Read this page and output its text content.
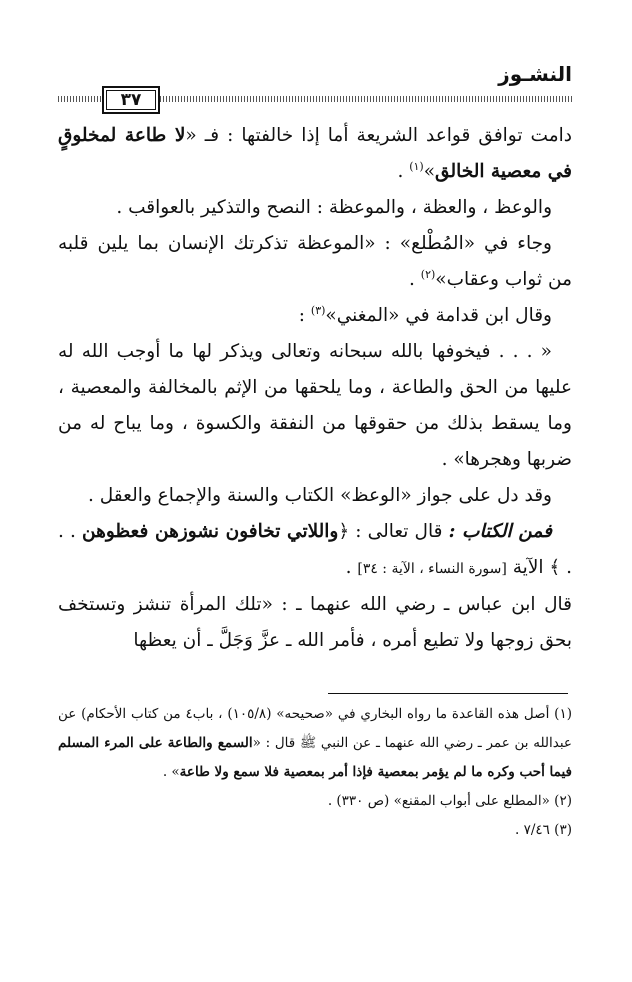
النشـوز
٣٧

دامت توافق قواعد الشريعة أما إذا خالفتها : فـ «لا طاعة لمخلوقٍ في معصية الخالق»$^{(١)}$ .

والوعظ ، والعظة ، والموعظة : النصح والتذكير بالعواقب .

وجاء في «المُطْلع» : «الموعظة تذكرتك الإنسان بما يلين قلبه من ثواب وعقاب»$^{(٢)}$ .

وقال ابن قدامة في «المغني»$^{(٣)}$ :

« . . . فيخوفها بالله سبحانه وتعالى ويذكر لها ما أوجب الله له عليها من الحق والطاعة ، وما يلحقها من الإثم بالمخالفة والمعصية ، وما يسقط بذلك من حقوقها من النفقة والكسوة ، وما يباح له من ضربها وهجرها» .

وقد دل على جواز «الوعظ» الكتاب والسنة والإجماع والعقل .

فمن الكتاب : قال تعالى : ﴿واللاتي تخافون نشوزهن فعظوهن . . . ﴾ الآية [سورة النساء ، الآية : ٣٤] .

قال ابن عباس ـ رضي الله عنهما ـ : «تلك المرأة تنشز وتستخف بحق زوجها ولا تطيع أمره ، فأمر الله ـ عزَّ وَجَلَّ ـ أن يعظها

(١) أصل هذه القاعدة ما رواه البخاري في «صحيحه» (١٠٥/٨) ، باب٤ من كتاب الأحكام) عن عبدالله بن عمر ـ رضي الله عنهما ـ عن النبي ﷺ قال : «السمع والطاعة على المرء المسلم فيما أحب وكره ما لم يؤمر بمعصية فإذا أمر بمعصية فلا سمع ولا طاعة» .

(٢) «المطلع على أبواب المقنع» (ص ٣٣٠) .

(٣) ٧/٤٦ .
